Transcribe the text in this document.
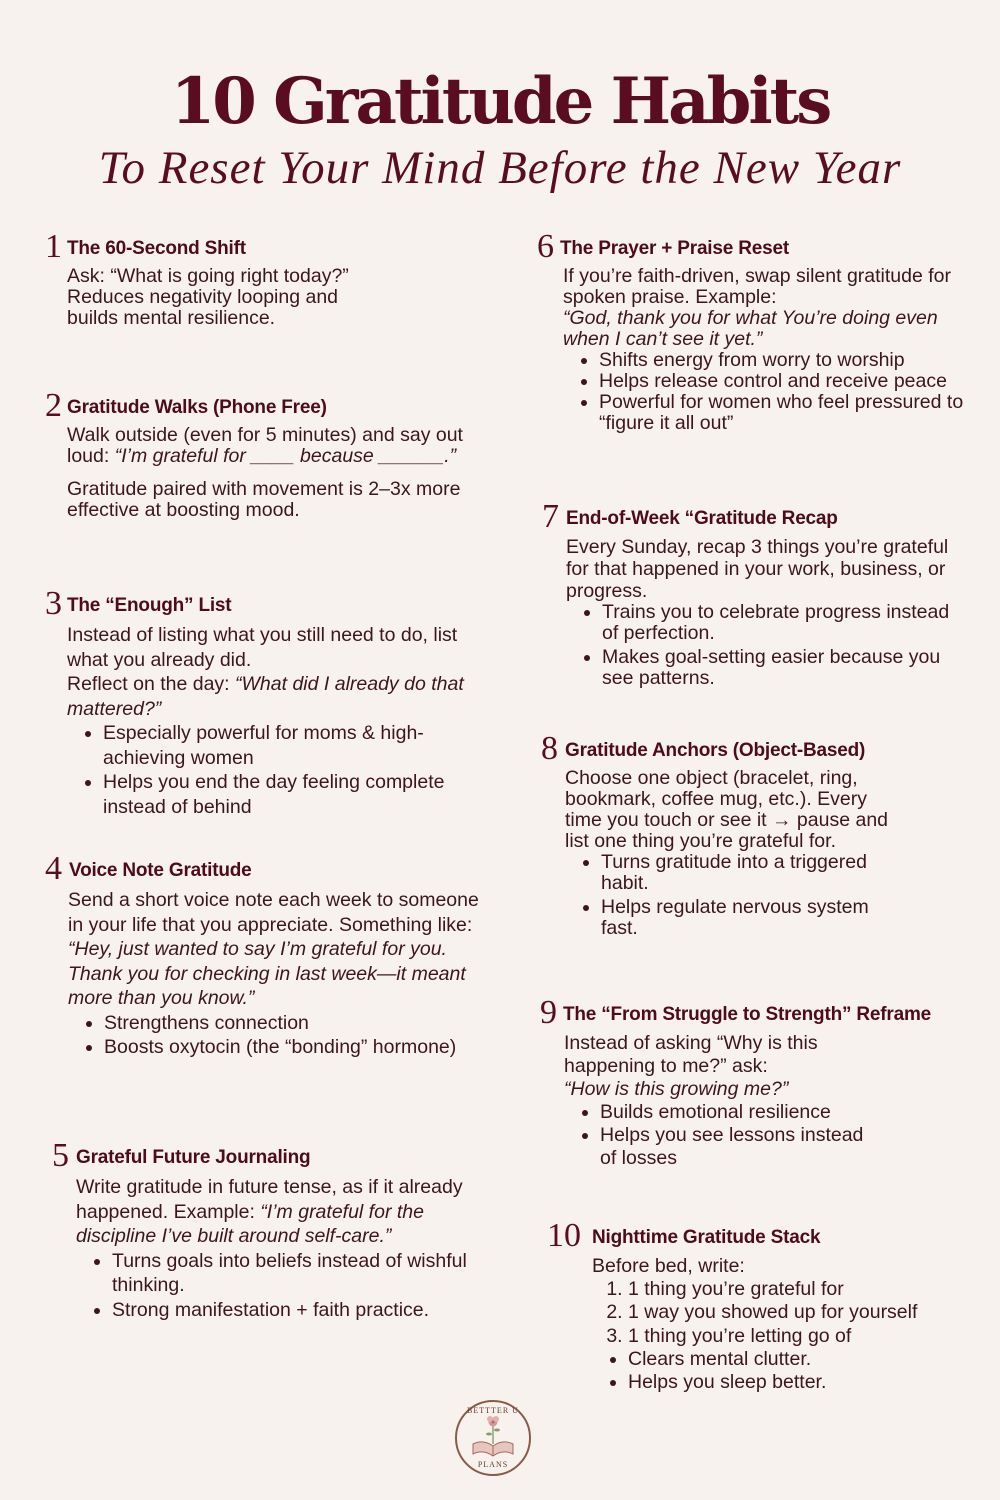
10 Gratitude Habits
To Reset Your Mind Before the New Year
1 The 60-Second Shift
Ask: “What is going right today?”
Reduces negativity looping and
builds mental resilience.
2 Gratitude Walks (Phone Free)

Walk outside (even for 5 minutes) and say out loud: “I’m grateful for ____ because ______.”

Gratitude paired with movement is 2–3x more effective at boosting mood.

3 The “Enough” List

Instead of listing what you still need to do, list what you already did.

Reflect on the day: “What did I already do that mattered?”

• Especially powerful for moms & high-achieving women
• Helps you end the day feeling complete instead of behind
4 Voice Note Gratitude

Send a short voice note each week to someone in your life that you appreciate. Something like:

“Hey, just wanted to say I’m grateful for you. Thank you for checking in last week—it meant more than you know.”

• Strengthens connection
• Boosts oxytocin (the “bonding” hormone)
5 Grateful Future Journaling

Write gratitude in future tense, as if it already happened. Example: “I’m grateful for the discipline I’ve built around self-care.”

• Turns goals into beliefs instead of wishful thinking.
• Strong manifestation + faith practice.
6 The Prayer + Praise Reset

If you’re faith-driven, swap silent gratitude for spoken praise. Example:

“God, thank you for what You’re doing even when I can’t see it yet.”

• Shifts energy from worry to worship
• Helps release control and receive peace
• Powerful for women who feel pressured to “figure it all out”
7 End-of-Week “Gratitude Recap

Every Sunday, recap 3 things you’re grateful for that happened in your work, business, or progress.

• Trains you to celebrate progress instead of perfection.
• Makes goal-setting easier because you see patterns.
8 Gratitude Anchors (Object-Based)

Choose one object (bracelet, ring, bookmark, coffee mug, etc.). Every time you touch or see it → pause and list one thing you’re grateful for.

• Turns gratitude into a triggered habit.
• Helps regulate nervous system fast.
9 The “From Struggle to Strength” Reframe

Instead of asking “Why is this happening to me?” ask:

“How is this growing me?”

• Builds emotional resilience
• Helps you see lessons instead of losses
10 Nighttime Gratitude Stack

Before bed, write:

1. 1 thing you’re grateful for
2. 1 way you showed up for yourself
3. 1 thing you’re letting go of
• Clears mental clutter.
• Helps you sleep better.
BETTTER U
PLANS
